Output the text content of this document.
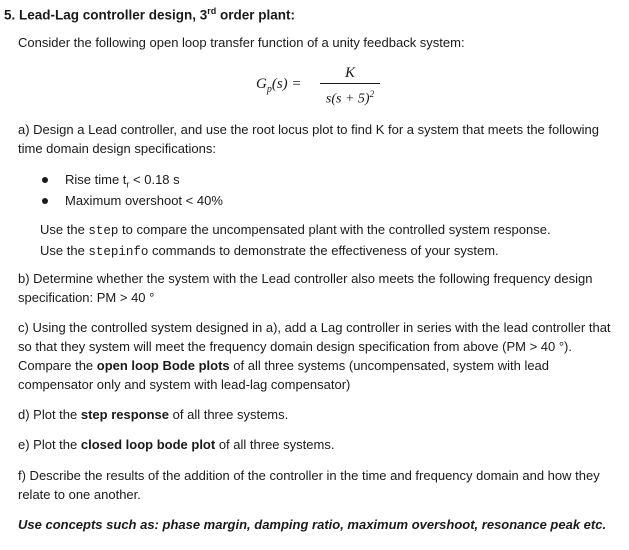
5. Lead-Lag controller design, 3rd order plant:
Consider the following open loop transfer function of a unity feedback system:
$G_p(s)$ =
K
$s(s + 5)^2$
a) Design a Lead controller, and use the root locus plot to find K for a system that meets the following time domain design specifications:
Rise time $t_r < 0.18$ s
Maximum overshoot < 40%
Use the step to compare the uncompensated plant with the controlled system response.
Use the stepinfo commands to demonstrate the effectiveness of your system.
b) Determine whether the system with the Lead controller also meets the following frequency design specification: PM > 40 °
c) Using the controlled system designed in a), add a Lag controller in series with the lead controller that so that they system will meet the frequency domain design specification from above (PM > 40 °). Compare the open loop Bode plots of all three systems (uncompensated, system with lead compensator only and system with lead-lag compensator)
d) Plot the step response of all three systems.
e) Plot the closed loop bode plot of all three systems.
f) Describe the results of the addition of the controller in the time and frequency domain and how they relate to one another.
Use concepts such as: phase margin, damping ratio, maximum overshoot, resonance peak etc.
